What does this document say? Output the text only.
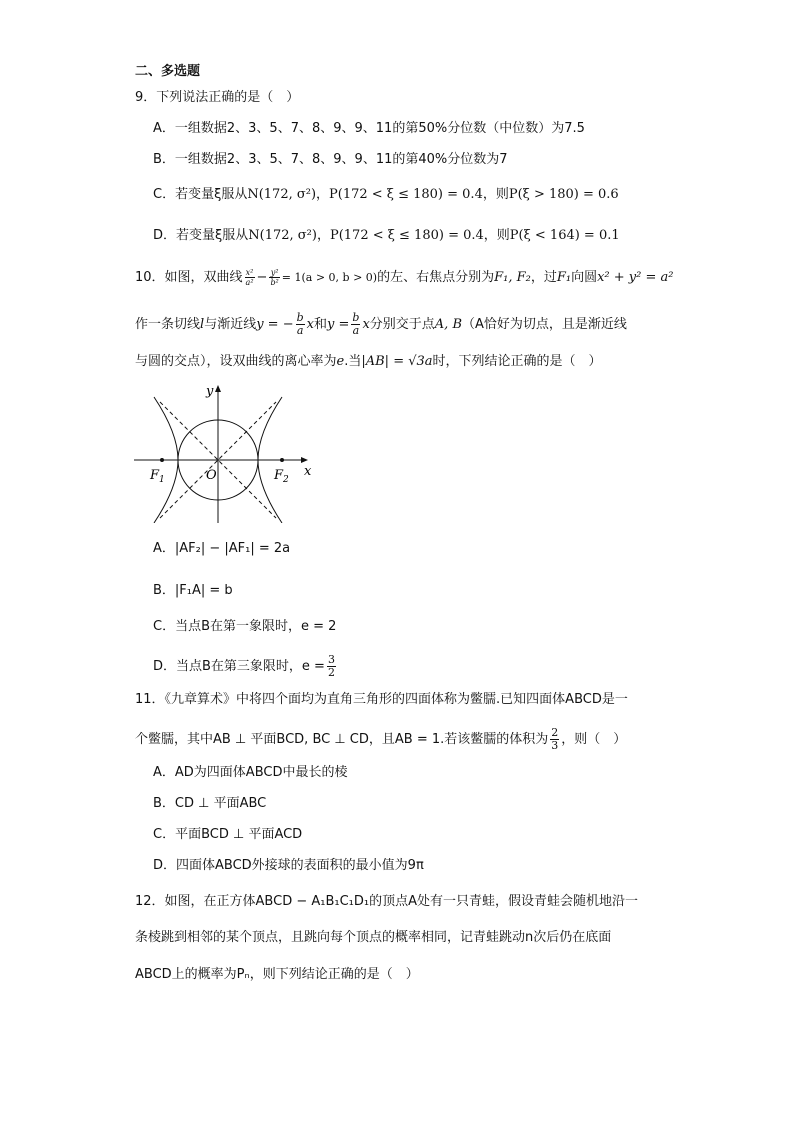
二、多选题
9．下列说法正确的是（　）
A．一组数据2、3、5、7、8、9、9、11的第50%分位数（中位数）为7.5
B．一组数据2、3、5、7、8、9、9、11的第40%分位数为7
C．若变量ξ服从N(172, σ²)，P(172 < ξ ≤ 180) = 0.4，则P(ξ > 180) = 0.6
D．若变量ξ服从N(172, σ²)，P(172 < ξ ≤ 180) = 0.4，则P(ξ < 164) = 0.1
10．如图，双曲线 $\frac{\text{x²}}{\text{a²}} - \frac{\text{y²}}{\text{b²}} = 1(a > 0$, b > 0)的左、右焦点分别为F₁, F₂，过F₁向圆x² + y² = a²
作一条切线l与渐近线y = − $\frac{b}{a}$ x和$y = \frac{b}{a}$ x分别交于点A, B（A恰好为切点，且是渐近线
与圆的交点），设双曲线的离心率为e.当|AB| = √3a时，下列结论正确的是（　）
y
x
O
$F_1$	$F_2$
A．|AF₂| − |AF₁| = 2a
B．|F₁A| = b
C．当点B在第一象限时，e = 2
D．当点B在第三象限时，$e = \frac{3}{2}$
11．《九章算术》中将四个面均为直角三角形的四面体称为鳖臑.已知四面体ABCD是一
个鳖臑，其中AB ⊥ 平面BCD, BC ⊥ CD，且AB = 1.若该鳖臑的体积为 $\frac{2}{3}$ ，则（　）
A．AD为四面体ABCD中最长的棱
B．CD ⊥ 平面ABC
C．平面BCD ⊥ 平面ACD
D．四面体ABCD外接球的表面积的最小值为9π
12．如图，在正方体ABCD − A₁B₁C₁D₁的顶点A处有一只青蛙，假设青蛙会随机地沿一
条棱跳到相邻的某个顶点，且跳向每个顶点的概率相同，记青蛙跳动n次后仍在底面
ABCD上的概率为Pₙ，则下列结论正确的是（　）
